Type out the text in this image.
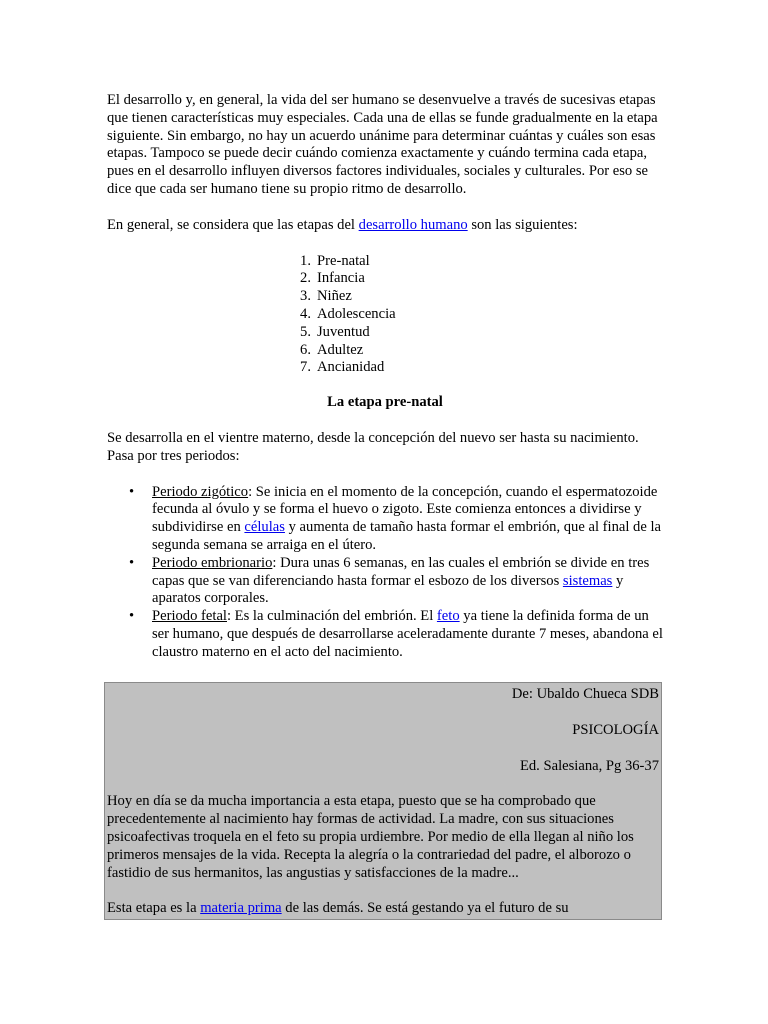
El desarrollo y, en general, la vida del ser humano se desenvuelve a través de sucesivas etapas que tienen características muy especiales. Cada una de ellas se funde gradualmente en la etapa siguiente. Sin embargo, no hay un acuerdo unánime para determinar cuántas y cuáles son esas etapas. Tampoco se puede decir cuándo comienza exactamente y cuándo termina cada etapa, pues en el desarrollo influyen diversos factores individuales, sociales y culturales. Por eso se dice que cada ser humano tiene su propio ritmo de desarrollo.

En general, se considera que las etapas del desarrollo humano son las siguientes:

1. Pre-natal
2. Infancia
3. Niñez
4. Adolescencia
5. Juventud
6. Adultez
7. Ancianidad

La etapa pre-natal

Se desarrolla en el vientre materno, desde la concepción del nuevo ser hasta su nacimiento. Pasa por tres periodos:

• Periodo zigótico: Se inicia en el momento de la concepción, cuando el espermatozoide fecunda al óvulo y se forma el huevo o zigoto. Este comienza entonces a dividirse y subdividirse en células y aumenta de tamaño hasta formar el embrión, que al final de la segunda semana se arraiga en el útero.
• Periodo embrionario: Dura unas 6 semanas, en las cuales el embrión se divide en tres capas que se van diferenciando hasta formar el esbozo de los diversos sistemas y aparatos corporales.
• Periodo fetal: Es la culminación del embrión. El feto ya tiene la definida forma de un ser humano, que después de desarrollarse aceleradamente durante 7 meses, abandona el claustro materno en el acto del nacimiento.

De: Ubaldo Chueca SDB

PSICOLOGÍA

Ed. Salesiana, Pg 36-37

Hoy en día se da mucha importancia a esta etapa, puesto que se ha comprobado que precedentemente al nacimiento hay formas de actividad. La madre, con sus situaciones psicoafectivas troquela en el feto su propia urdiembre. Por medio de ella llegan al niño los primeros mensajes de la vida. Recepta la alegría o la contrariedad del padre, el alborozo o fastidio de sus hermanitos, las angustias y satisfacciones de la madre...

Esta etapa es la materia prima de las demás. Se está gestando ya el futuro de su
